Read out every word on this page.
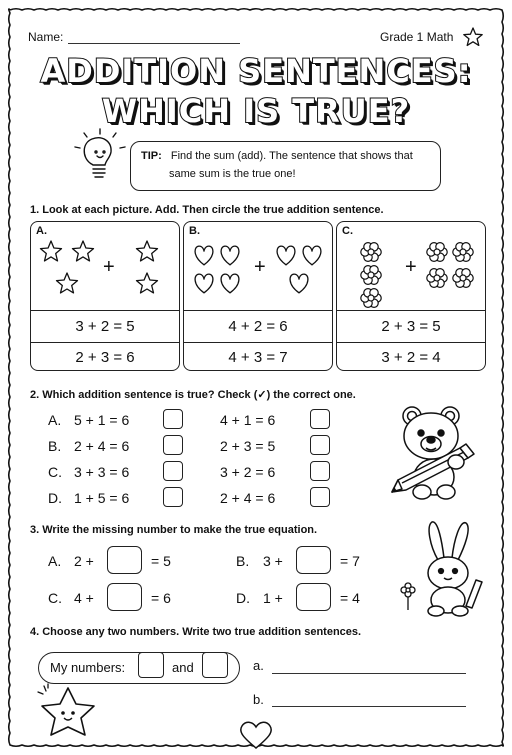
Name:	Grade 1 Math
ADDITION SENTENCES:
WHICH IS TRUE?
TIP: Find the sum (add). The sentence that shows that
same sum is the true one!
1. Look at each picture. Add. Then circle the true addition sentence.
A.
+
3 + 2 = 5
2 + 3 = 6
B.
+
4 + 2 = 6
4 + 3 = 7
C.
+
2 + 3 = 5
3 + 2 = 4
2. Which addition sentence is true? Check (✓) the correct one.
A. 5 + 1 = 6	4 + 1 = 6
B. 2 + 4 = 6	2 + 3 = 5
C. 3 + 3 = 6	3 + 2 = 6
D. 1 + 5 = 6	2 + 4 = 6
3. Write the missing number to make the true equation.
A. 2 +	= 5	B. 3 +	= 7
C. 4 +	= 6	D. 1 +	= 4
4. Choose any two numbers. Write two true addition sentences.
My numbers:	and	a.
b.
